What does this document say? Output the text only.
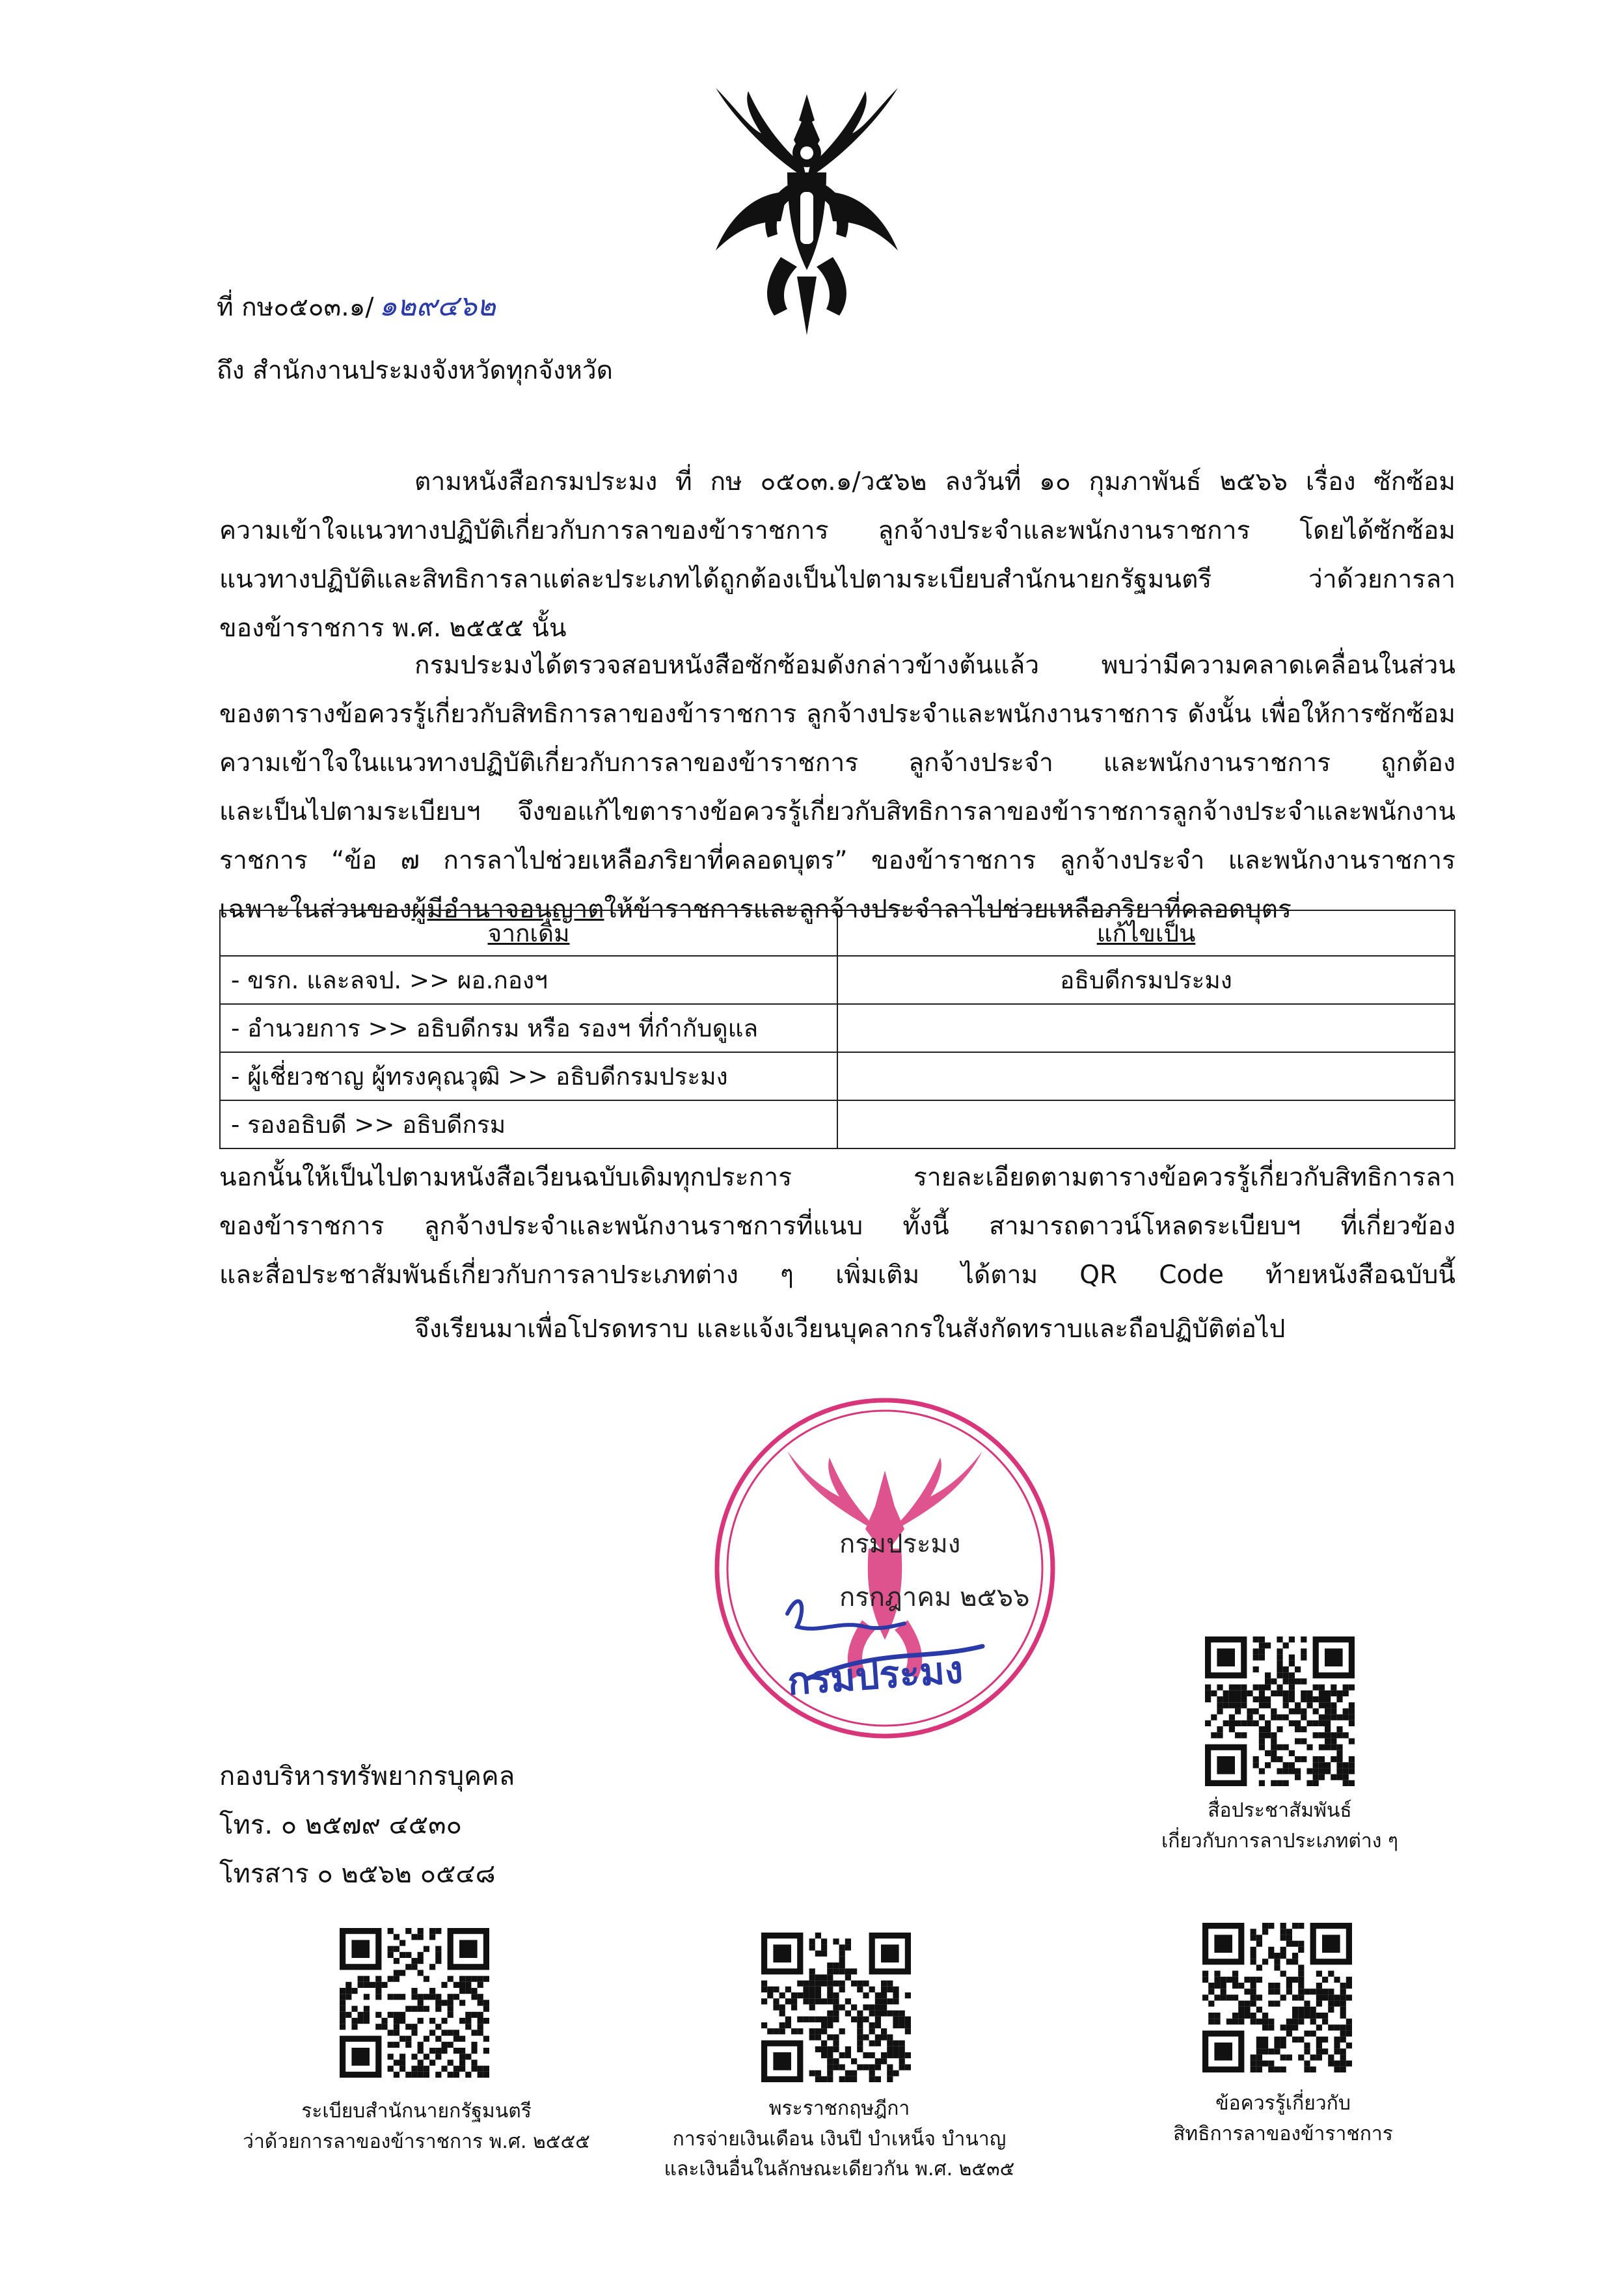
ที่ กษ๐๕๐๓.๑/ ๑๒๙๔๖๒
ถึง สำนักงานประมงจังหวัดทุกจังหวัด
ตามหนังสือกรมประมง ที่ กษ ๐๕๐๓.๑/ว๕๖๒ ลงวันที่ ๑๐ กุมภาพันธ์ ๒๕๖๖ เรื่อง ซักซ้อม
ความเข้าใจแนวทางปฏิบัติเกี่ยวกับการลาของข้าราชการ ลูกจ้างประจำและพนักงานราชการ โดยได้ซักซ้อม
แนวทางปฏิบัติและสิทธิการลาแต่ละประเภทได้ถูกต้องเป็นไปตามระเบียบสำนักนายกรัฐมนตรี ว่าด้วยการลา
ของข้าราชการ พ.ศ. ๒๕๕๕ นั้น
กรมประมงได้ตรวจสอบหนังสือซักซ้อมดังกล่าวข้างต้นแล้ว พบว่ามีความคลาดเคลื่อนในส่วน
ของตารางข้อควรรู้เกี่ยวกับสิทธิการลาของข้าราชการ ลูกจ้างประจำและพนักงานราชการ ดังนั้น เพื่อให้การซักซ้อม
ความเข้าใจในแนวทางปฏิบัติเกี่ยวกับการลาของข้าราชการ ลูกจ้างประจำ และพนักงานราชการ ถูกต้อง
และเป็นไปตามระเบียบฯ จึงขอแก้ไขตารางข้อควรรู้เกี่ยวกับสิทธิการลาของข้าราชการลูกจ้างประจำและพนักงาน
ราชการ “ข้อ ๗ การลาไปช่วยเหลือภริยาที่คลอดบุตร” ของข้าราชการ ลูกจ้างประจำ และพนักงานราชการ
เฉพาะในส่วนของผู้มีอำนาจอนุญาตให้ข้าราชการและลูกจ้างประจำลาไปช่วยเหลือภริยาที่คลอดบุตร
จากเดิม	แก้ไขเป็น
- ขรก. และลจป. >> ผอ.กองฯ	อธิบดีกรมประมง
- อำนวยการ >> อธิบดีกรม หรือ รองฯ ที่กำกับดูแล	
- ผู้เชี่ยวชาญ ผู้ทรงคุณวุฒิ >> อธิบดีกรมประมง	
- รองอธิบดี >> อธิบดีกรม	
นอกนั้นให้เป็นไปตามหนังสือเวียนฉบับเดิมทุกประการ รายละเอียดตามตารางข้อควรรู้เกี่ยวกับสิทธิการลา
ของข้าราชการ ลูกจ้างประจำและพนักงานราชการที่แนบ ทั้งนี้ สามารถดาวน์โหลดระเบียบฯ ที่เกี่ยวข้อง
และสื่อประชาสัมพันธ์เกี่ยวกับการลาประเภทต่าง ๆ เพิ่มเติม ได้ตาม QR Code ท้ายหนังสือฉบับนี้
จึงเรียนมาเพื่อโปรดทราบ และแจ้งเวียนบุคลากรในสังกัดทราบและถือปฏิบัติต่อไป
กรมประมง
กรกฎาคม ๒๕๖๖
กรมประมง
กองบริหารทรัพยากรบุคคล
โทร. ๐ ๒๕๗๙ ๔๕๓๐
โทรสาร ๐ ๒๕๖๒ ๐๕๔๘
สื่อประชาสัมพันธ์
เกี่ยวกับการลาประเภทต่าง ๆ
ระเบียบสำนักนายกรัฐมนตรี
ว่าด้วยการลาของข้าราชการ พ.ศ. ๒๕๕๕
พระราชกฤษฎีกา
การจ่ายเงินเดือน เงินปี บำเหน็จ บำนาญ
และเงินอื่นในลักษณะเดียวกัน พ.ศ. ๒๕๓๕
ข้อควรรู้เกี่ยวกับ
สิทธิการลาของข้าราชการ
